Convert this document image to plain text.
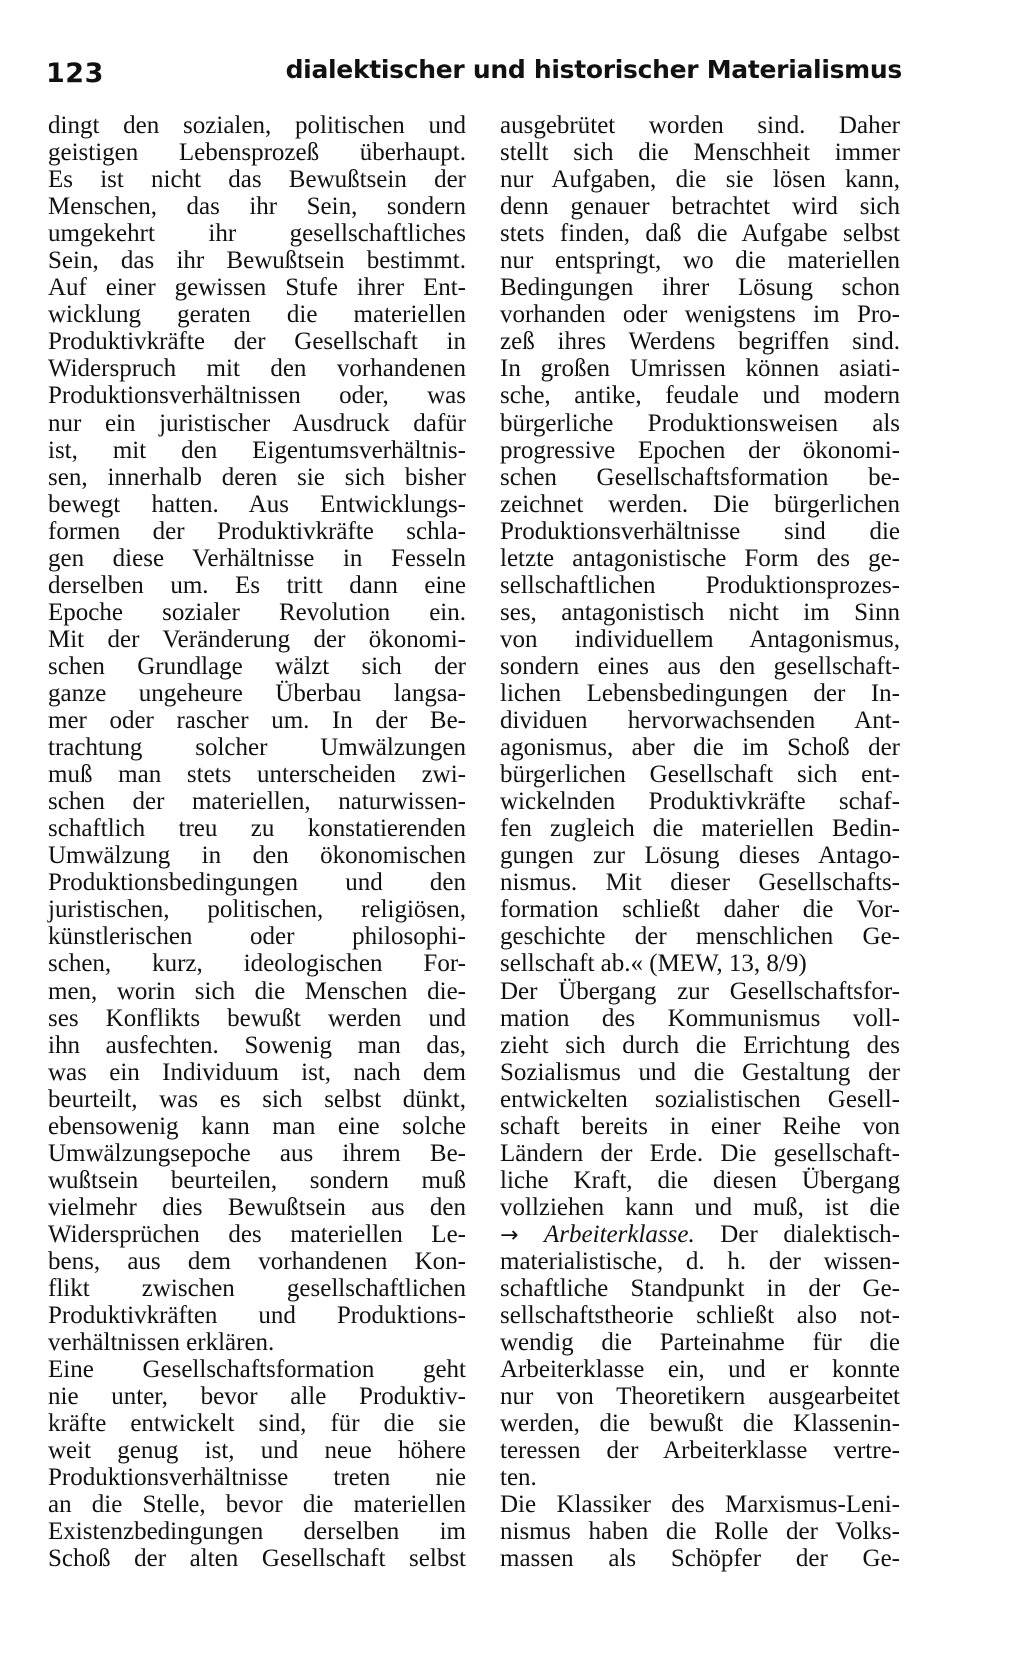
123	dialektischer und historischer Materialismus
dingt den sozialen, politischen und
geistigen Lebensprozeß überhaupt.
Es ist nicht das Bewußtsein der
Menschen, das ihr Sein, sondern
umgekehrt ihr gesellschaftliches
Sein, das ihr Bewußtsein bestimmt.
Auf einer gewissen Stufe ihrer Ent-
wicklung geraten die materiellen
Produktivkräfte der Gesellschaft in
Widerspruch mit den vorhandenen
Produktionsverhältnissen oder, was
nur ein juristischer Ausdruck dafür
ist, mit den Eigentumsverhältnis-
sen, innerhalb deren sie sich bisher
bewegt hatten. Aus Entwicklungs-
formen der Produktivkräfte schla-
gen diese Verhältnisse in Fesseln
derselben um. Es tritt dann eine
Epoche sozialer Revolution ein.
Mit der Veränderung der ökonomi-
schen Grundlage wälzt sich der
ganze ungeheure Überbau langsa-
mer oder rascher um. In der Be-
trachtung solcher Umwälzungen
muß man stets unterscheiden zwi-
schen der materiellen, naturwissen-
schaftlich treu zu konstatierenden
Umwälzung in den ökonomischen
Produktionsbedingungen und den
juristischen, politischen, religiösen,
künstlerischen oder philosophi-
schen, kurz, ideologischen For-
men, worin sich die Menschen die-
ses Konflikts bewußt werden und
ihn ausfechten. Sowenig man das,
was ein Individuum ist, nach dem
beurteilt, was es sich selbst dünkt,
ebensowenig kann man eine solche
Umwälzungsepoche aus ihrem Be-
wußtsein beurteilen, sondern muß
vielmehr dies Bewußtsein aus den
Widersprüchen des materiellen Le-
bens, aus dem vorhandenen Kon-
flikt zwischen gesellschaftlichen
Produktivkräften und Produktions-
verhältnissen erklären.
Eine Gesellschaftsformation geht
nie unter, bevor alle Produktiv-
kräfte entwickelt sind, für die sie
weit genug ist, und neue höhere
Produktionsverhältnisse treten nie
an die Stelle, bevor die materiellen
Existenzbedingungen derselben im
Schoß der alten Gesellschaft selbst
ausgebrütet worden sind. Daher
stellt sich die Menschheit immer
nur Aufgaben, die sie lösen kann,
denn genauer betrachtet wird sich
stets finden, daß die Aufgabe selbst
nur entspringt, wo die materiellen
Bedingungen ihrer Lösung schon
vorhanden oder wenigstens im Pro-
zeß ihres Werdens begriffen sind.
In großen Umrissen können asiati-
sche, antike, feudale und modern
bürgerliche Produktionsweisen als
progressive Epochen der ökonomi-
schen Gesellschaftsformation be-
zeichnet werden. Die bürgerlichen
Produktionsverhältnisse sind die
letzte antagonistische Form des ge-
sellschaftlichen Produktionsprozes-
ses, antagonistisch nicht im Sinn
von individuellem Antagonismus,
sondern eines aus den gesellschaft-
lichen Lebensbedingungen der In-
dividuen hervorwachsenden Ant-
agonismus, aber die im Schoß der
bürgerlichen Gesellschaft sich ent-
wickelnden Produktivkräfte schaf-
fen zugleich die materiellen Bedin-
gungen zur Lösung dieses Antago-
nismus. Mit dieser Gesellschafts-
formation schließt daher die Vor-
geschichte der menschlichen Ge-
sellschaft ab.« (MEW, 13, 8/9)
Der Übergang zur Gesellschaftsfor-
mation des Kommunismus voll-
zieht sich durch die Errichtung des
Sozialismus und die Gestaltung der
entwickelten sozialistischen Gesell-
schaft bereits in einer Reihe von
Ländern der Erde. Die gesellschaft-
liche Kraft, die diesen Übergang
vollziehen kann und muß, ist die
→ Arbeiterklasse. Der dialektisch-
materialistische, d. h. der wissen-
schaftliche Standpunkt in der Ge-
sellschaftstheorie schließt also not-
wendig die Parteinahme für die
Arbeiterklasse ein, und er konnte
nur von Theoretikern ausgearbeitet
werden, die bewußt die Klassenin-
teressen der Arbeiterklasse vertre-
ten.
Die Klassiker des Marxismus-Leni-
nismus haben die Rolle der Volks-
massen als Schöpfer der Ge-
